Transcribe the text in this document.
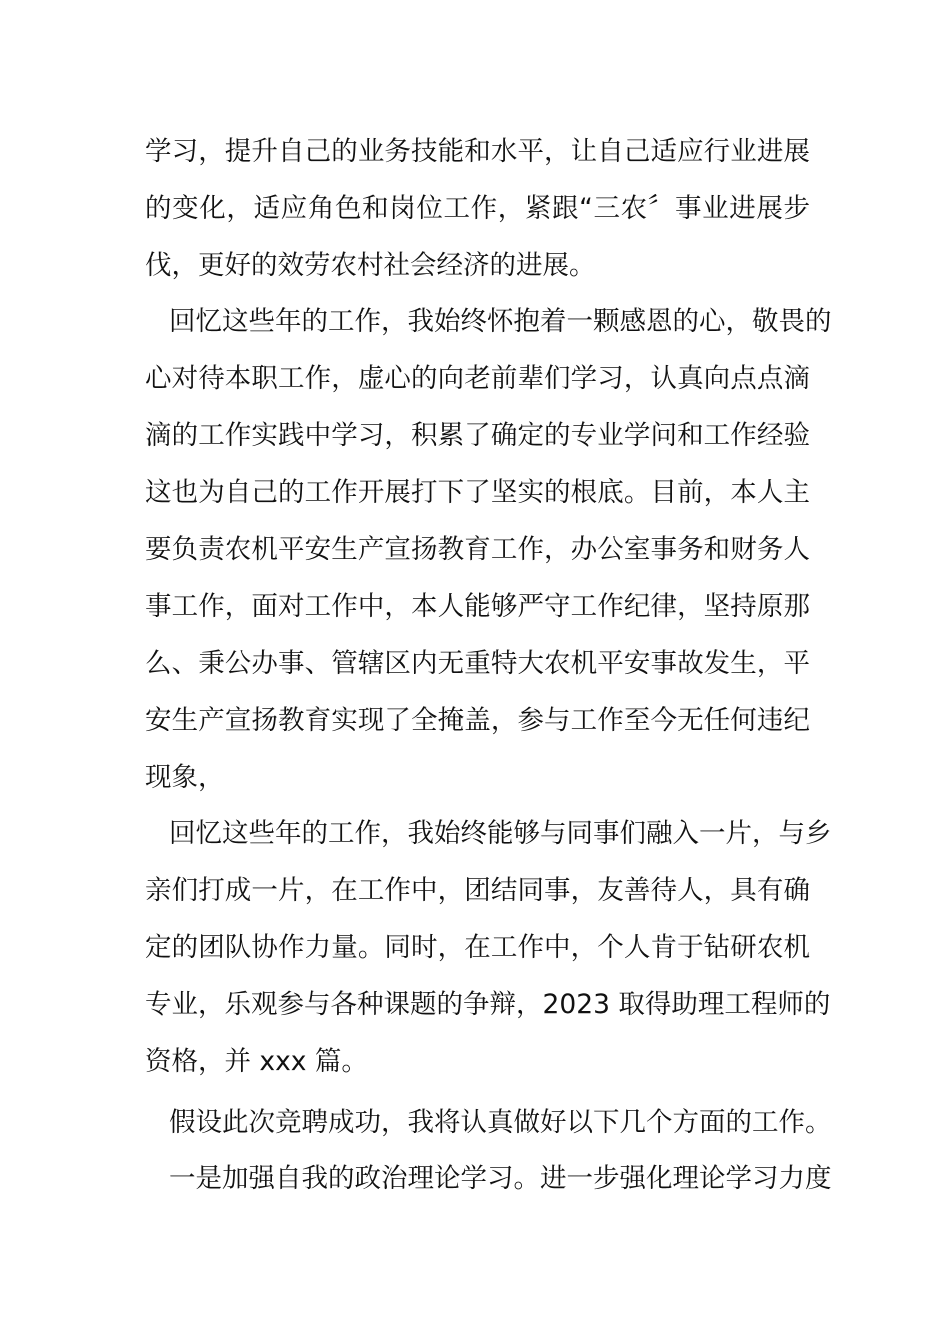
学习，提升自己的业务技能和水平，让自己适应行业进展
的变化，适应角色和岗位工作，紧跟“三农〞事业进展步
伐，更好的效劳农村社会经济的进展。
回忆这些年的工作，我始终怀抱着一颗感恩的心，敬畏的
心对待本职工作，虚心的向老前辈们学习，认真向点点滴
滴的工作实践中学习，积累了确定的专业学问和工作经验
这也为自己的工作开展打下了坚实的根底。目前，本人主
要负责农机平安生产宣扬教育工作，办公室事务和财务人
事工作，面对工作中，本人能够严守工作纪律，坚持原那
么、秉公办事、管辖区内无重特大农机平安事故发生，平
安生产宣扬教育实现了全掩盖，参与工作至今无任何违纪
现象，
回忆这些年的工作，我始终能够与同事们融入一片，与乡
亲们打成一片，在工作中，团结同事，友善待人，具有确
定的团队协作力量。同时，在工作中，个人肯于钻研农机
专业，乐观参与各种课题的争辩，2023 取得助理工程师的
资格，并 xxx 篇。
假设此次竞聘成功，我将认真做好以下几个方面的工作。
一是加强自我的政治理论学习。进一步强化理论学习力度
